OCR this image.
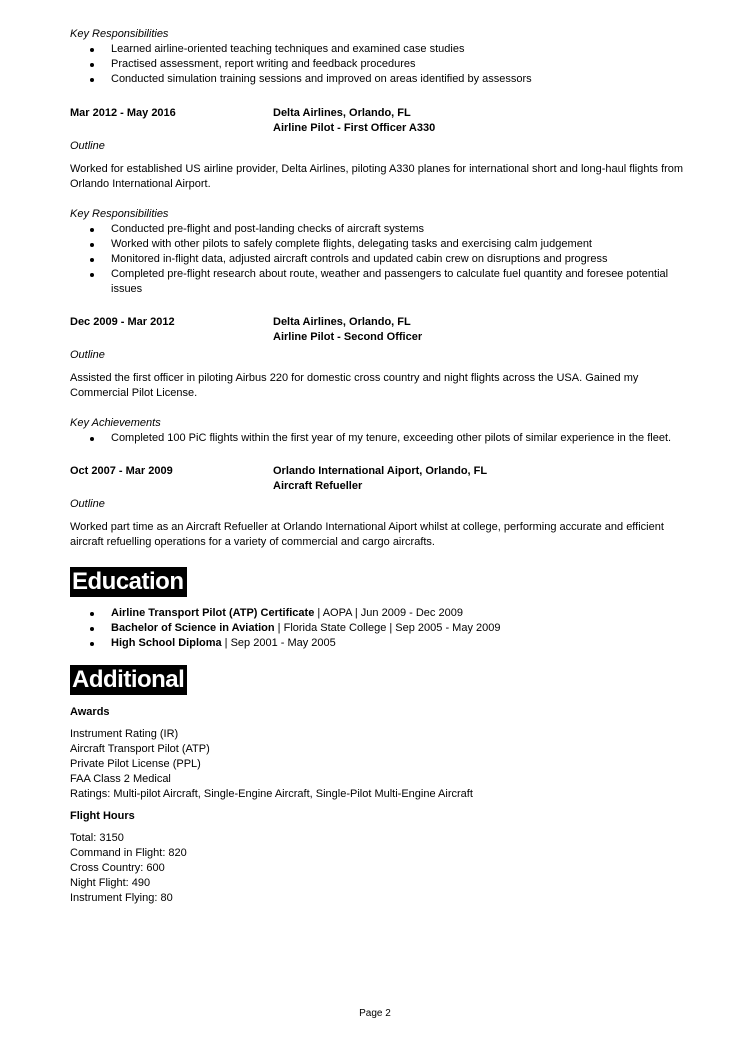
Key Responsibilities
Learned airline-oriented teaching techniques and examined case studies
Practised assessment, report writing and feedback procedures
Conducted simulation training sessions and improved on areas identified by assessors
Mar 2012 - May 2016	Delta Airlines, Orlando, FL
Airline Pilot - First Officer A330
Outline
Worked for established US airline provider, Delta Airlines, piloting A330 planes for international short and long-haul flights from Orlando International Airport.
Key Responsibilities
Conducted pre-flight and post-landing checks of aircraft systems
Worked with other pilots to safely complete flights, delegating tasks and exercising calm judgement
Monitored in-flight data, adjusted aircraft controls and updated cabin crew on disruptions and progress
Completed pre-flight research about route, weather and passengers to calculate fuel quantity and foresee potential issues
Dec 2009 - Mar 2012	Delta Airlines, Orlando, FL
Airline Pilot - Second Officer
Outline
Assisted the first officer in piloting Airbus 220 for domestic cross country and night flights across the USA. Gained my Commercial Pilot License.
Key Achievements
Completed 100 PiC flights within the first year of my tenure, exceeding other pilots of similar experience in the fleet.
Oct 2007 - Mar 2009	Orlando International Aiport, Orlando, FL
Aircraft Refueller
Outline
Worked part time as an Aircraft Refueller at Orlando International Aiport whilst at college, performing accurate and efficient aircraft refuelling operations for a variety of commercial and cargo aircrafts.
Education
Airline Transport Pilot (ATP) Certificate | AOPA | Jun 2009 - Dec 2009
Bachelor of Science in Aviation | Florida State College | Sep 2005 - May 2009
High School Diploma | Sep 2001 - May 2005
Additional
Awards
Instrument Rating (IR)
Aircraft Transport Pilot (ATP)
Private Pilot License (PPL)
FAA Class 2 Medical
Ratings: Multi-pilot Aircraft, Single-Engine Aircraft, Single-Pilot Multi-Engine Aircraft
Flight Hours
Total: 3150
Command in Flight: 820
Cross Country: 600
Night Flight: 490
Instrument Flying: 80
Page 2
